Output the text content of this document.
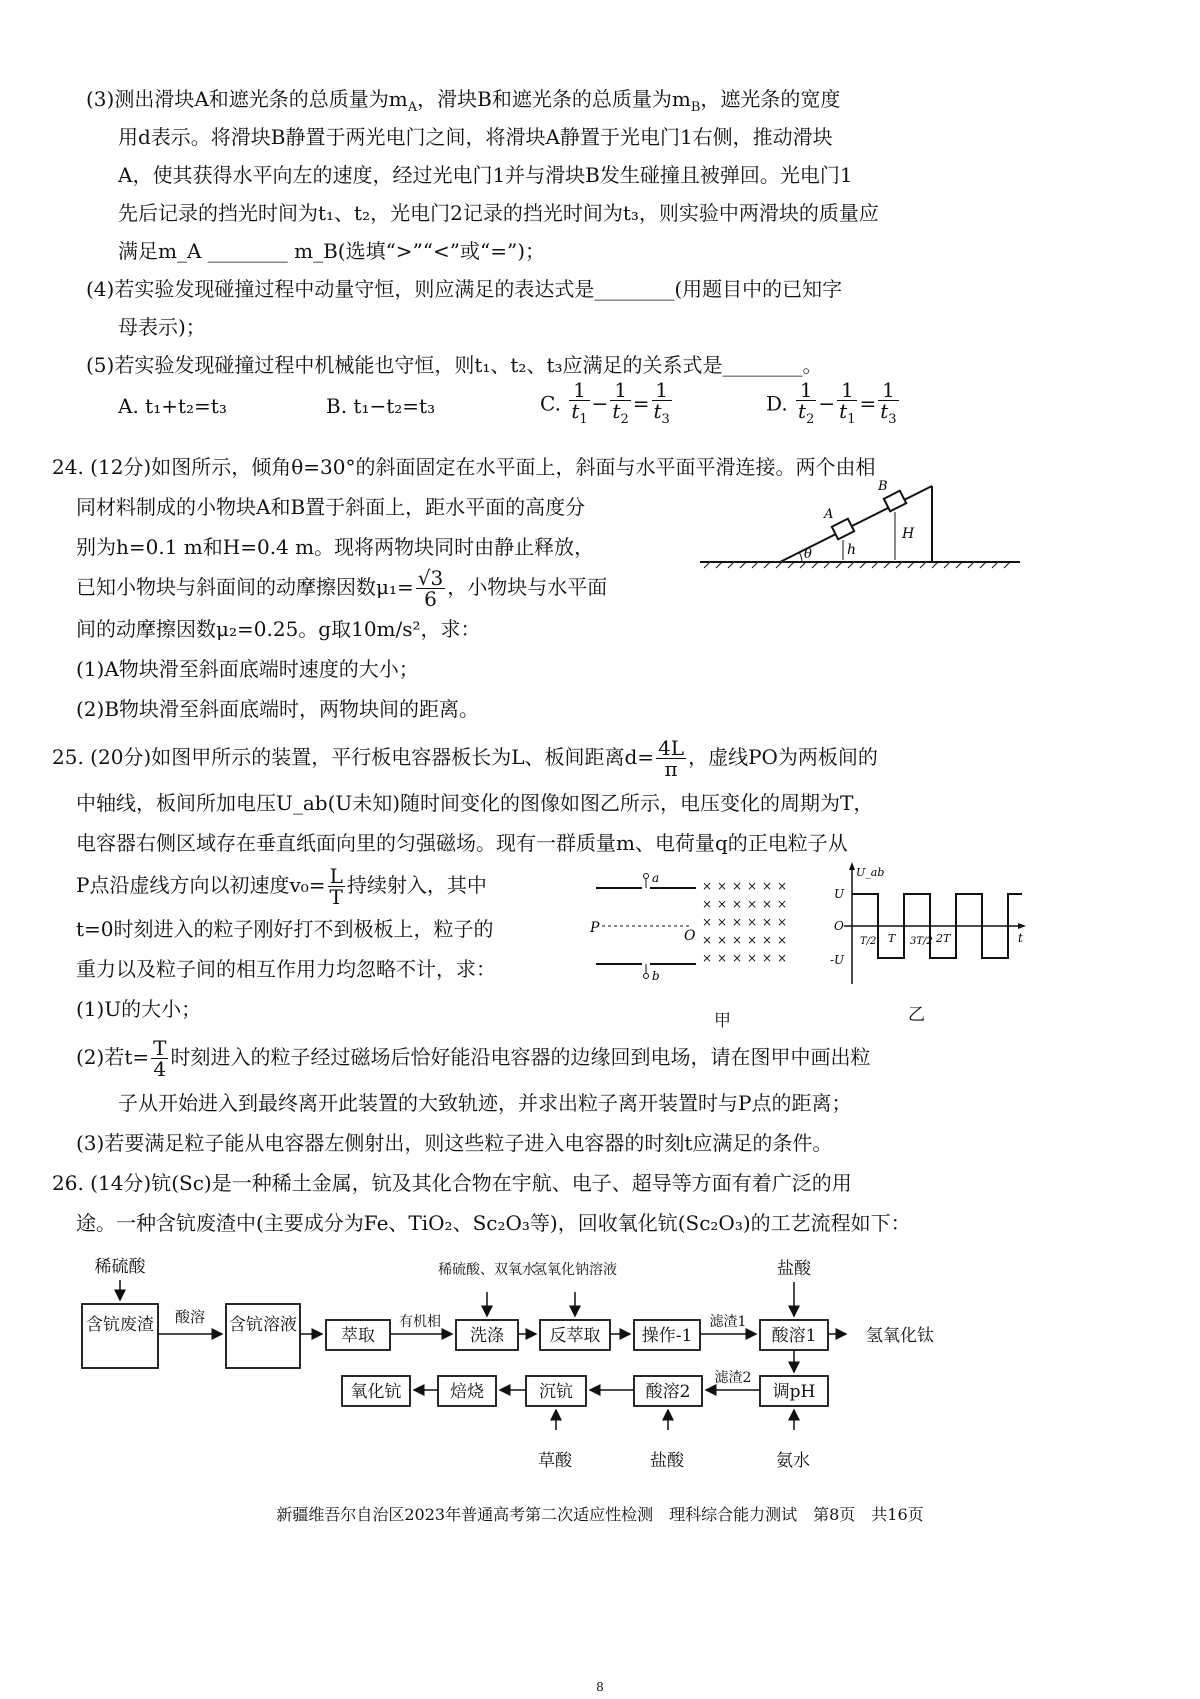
(3)测出滑块A和遮光条的总质量为$m_A$，滑块B和遮光条的总质量为$m_B$，遮光条的宽度
用d表示。将滑块B静置于两光电门之间，将滑块A静置于光电门1右侧，推动滑块
A，使其获得水平向左的速度，经过光电门1并与滑块B发生碰撞且被弹回。光电门1
先后记录的挡光时间为t₁、t₂，光电门2记录的挡光时间为t₃，则实验中两滑块的质量应
满足m_A ________ m_B(选填“>”“<”或“=”)；
(4)若实验发现碰撞过程中动量守恒，则应满足的表达式是________(用题目中的已知字
母表示)；
(5)若实验发现碰撞过程中机械能也守恒，则t₁、t₂、t₃应满足的关系式是________。
A. t₁+t₂=t₃	B. t₁−t₂=t₃	C. $\frac{1}{t_1} - \frac{1}{t_2} = \frac{1}{t_3}$	D. $\frac{1}{t_2} - \frac{1}{t_1} = \frac{1}{t_3}$
24. (12分)如图所示，倾角θ=30°的斜面固定在水平面上，斜面与水平面平滑连接。两个由相
同材料制成的小物块A和B置于斜面上，距水平面的高度分
别为h=0.1 m和H=0.4 m。现将两物块同时由静止释放，
已知小物块与斜面间的动摩擦因数$\mu_1= \frac{√3}{6}$ ，小物块与水平面
间的动摩擦因数μ₂=0.25。g取10m/s²，求：
(1)A物块滑至斜面底端时速度的大小；
(2)B物块滑至斜面底端时，两物块间的距离。
θ
A
B
h
H
25. (20分)如图甲所示的装置，平行板电容器板长为L、板间距离$d= \frac{4L}{\pi}$ ，虚线PO为两板间的
中轴线，板间所加电压U_ab(U未知)随时间变化的图像如图乙所示，电压变化的周期为T，
电容器右侧区域存在垂直纸面向里的匀强磁场。现有一群质量m、电荷量q的正电粒子从
P点沿虚线方向以初速度$v_0= \frac{L}{T}$ 持续射入，其中
t=0时刻进入的粒子刚好打不到极板上，粒子的
重力以及粒子间的相互作用力均忽略不计，求：
(1)U的大小；
(2)若$t= \frac{T}{4}$ 时刻进入的粒子经过磁场后恰好能沿电容器的边缘回到电场，请在图甲中画出粒
子从开始进入到最终离开此装置的大致轨迹，并求出粒子离开装置时与P点的距离；
(3)若要满足粒子能从电容器左侧射出，则这些粒子进入电容器的时刻t应满足的条件。
a
b
P	O
× × × × × ×
× × × × × ×
× × × × × ×
× × × × × ×
× × × × × ×
甲
U_ab
t
U
O
-U
T/2 T 3T/2 2T
乙
26. (14分)钪(Sc)是一种稀土金属，钪及其化合物在宇航、电子、超导等方面有着广泛的用
途。一种含钪废渣中(主要成分为Fe、TiO₂、Sc₂O₃等)，回收氧化钪(Sc₂O₃)的工艺流程如下：
稀硫酸
含钪废渣 酸溶 含钪溶液
萃取
有机相
洗涤
稀硫酸、双氧水
反萃取
氢氧化钠溶液
操作-1
滤渣1
酸溶1
盐酸
氢氧化钛
调pH
滤渣2
酸溶2
沉钪
焙烧
氧化钪
草酸	盐酸	氨水
新疆维吾尔自治区2023年普通高考第二次适应性检测　理科综合能力测试　第8页　共16页
8
